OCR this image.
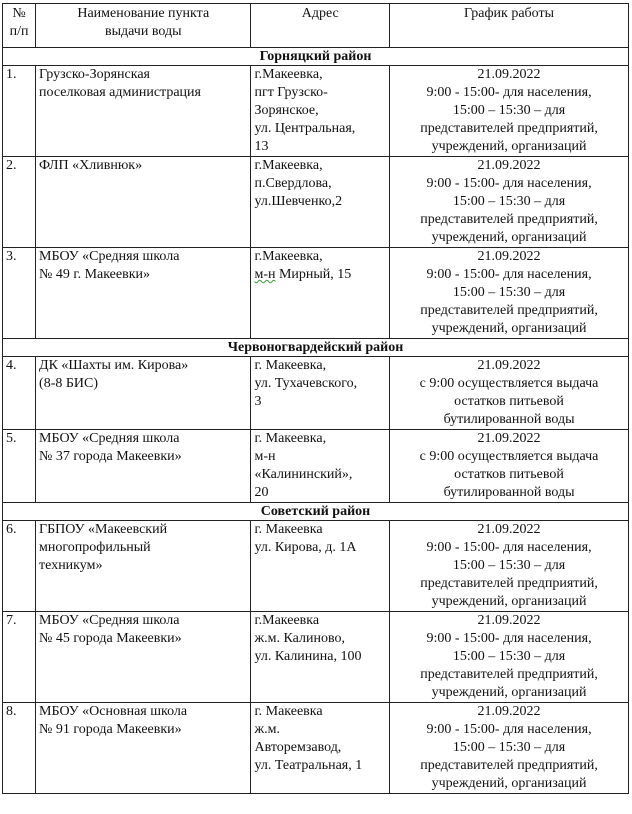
№
п/п	Наименование пункта
выдачи воды	Адрес	График работы
Горняцкий район			
1.	Грузско-Зорянская
поселковая администрация	г.Макеевка,
пгт Грузско-
Зорянское,
ул. Центральная,
13	21.09.2022
9:00 - 15:00- для населения,
15:00 – 15:30 – для
представителей предприятий,
учреждений, организаций

2.	ФЛП «Хливнюк»	г.Макеевка,
п.Свердлова,
ул.Шевченко,2	21.09.2022
9:00 - 15:00- для населения,
15:00 – 15:30 – для
представителей предприятий,
учреждений, организаций

3.	МБОУ «Средняя школа
№ 49 г. Макеевки»	г.Макеевка,
м-н Мирный, 15	21.09.2022
9:00 - 15:00- для населения,
15:00 – 15:30 – для
представителей предприятий,
учреждений, организаций

Червоногвардейский район			
4.	ДК «Шахты им. Кирова»
(8-8 БИС)	г. Макеевка,
ул. Тухачевского,
3	21.09.2022
с 9:00 осуществляется выдача
остатков питьевой
бутилированной воды

5.	МБОУ «Средняя школа
№ 37 города Макеевки»	г. Макеевка,
м-н
«Калининский»,
20	21.09.2022
с 9:00 осуществляется выдача
остатков питьевой
бутилированной воды

Советский район			
6.	ГБПОУ «Макеевский
многопрофильный
техникум»	г. Макеевка
ул. Кирова, д. 1А	21.09.2022
9:00 - 15:00- для населения,
15:00 – 15:30 – для
представителей предприятий,
учреждений, организаций

7.	МБОУ «Средняя школа
№ 45 города Макеевки»	г.Макеевка
ж.м. Калиново,
ул. Калинина, 100	21.09.2022
9:00 - 15:00- для населения,
15:00 – 15:30 – для
представителей предприятий,
учреждений, организаций

8.	МБОУ «Основная школа
№ 91 города Макеевки»	г. Макеевка
ж.м.
Авторемзавод,
ул. Театральная, 1	21.09.2022
9:00 - 15:00- для населения,
15:00 – 15:30 – для
представителей предприятий,
учреждений, организаций
